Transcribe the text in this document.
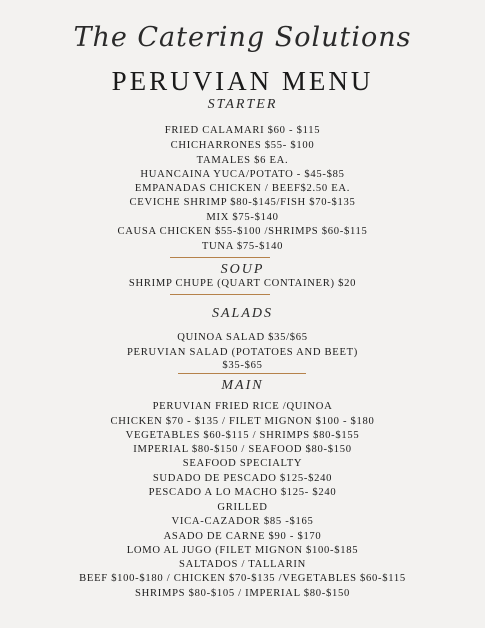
The Catering Solutions
PERUVIAN MENU
STARTER
FRIED CALAMARI $60 - $115
CHICHARRONES $55- $100
TAMALES $6 EA.
HUANCAINA YUCA/POTATO - $45-$85
EMPANADAS CHICKEN / BEEF$2.50 EA.
CEVICHE SHRIMP $80-$145/FISH $70-$135
MIX $75-$140
CAUSA CHICKEN $55-$100 /SHRIMPS $60-$115
TUNA $75-$140
SOUP
SHRIMP CHUPE (QUART CONTAINER) $20
SALADS
QUINOA SALAD $35/$65
PERUVIAN SALAD (POTATOES AND BEET)
$35-$65
MAIN
PERUVIAN FRIED RICE /QUINOA
CHICKEN $70 - $135 / FILET MIGNON $100 - $180
VEGETABLES $60-$115 / SHRIMPS $80-$155
IMPERIAL $80-$150 / SEAFOOD $80-$150
SEAFOOD SPECIALTY
SUDADO DE PESCADO $125-$240
PESCADO A LO MACHO $125- $240
GRILLED
VICA-CAZADOR $85 -$165
ASADO DE CARNE $90 - $170
LOMO AL JUGO (FILET MIGNON $100-$185
SALTADOS / TALLARIN
BEEF $100-$180 / CHICKEN $70-$135 /VEGETABLES $60-$115
SHRIMPS $80-$105 / IMPERIAL $80-$150
